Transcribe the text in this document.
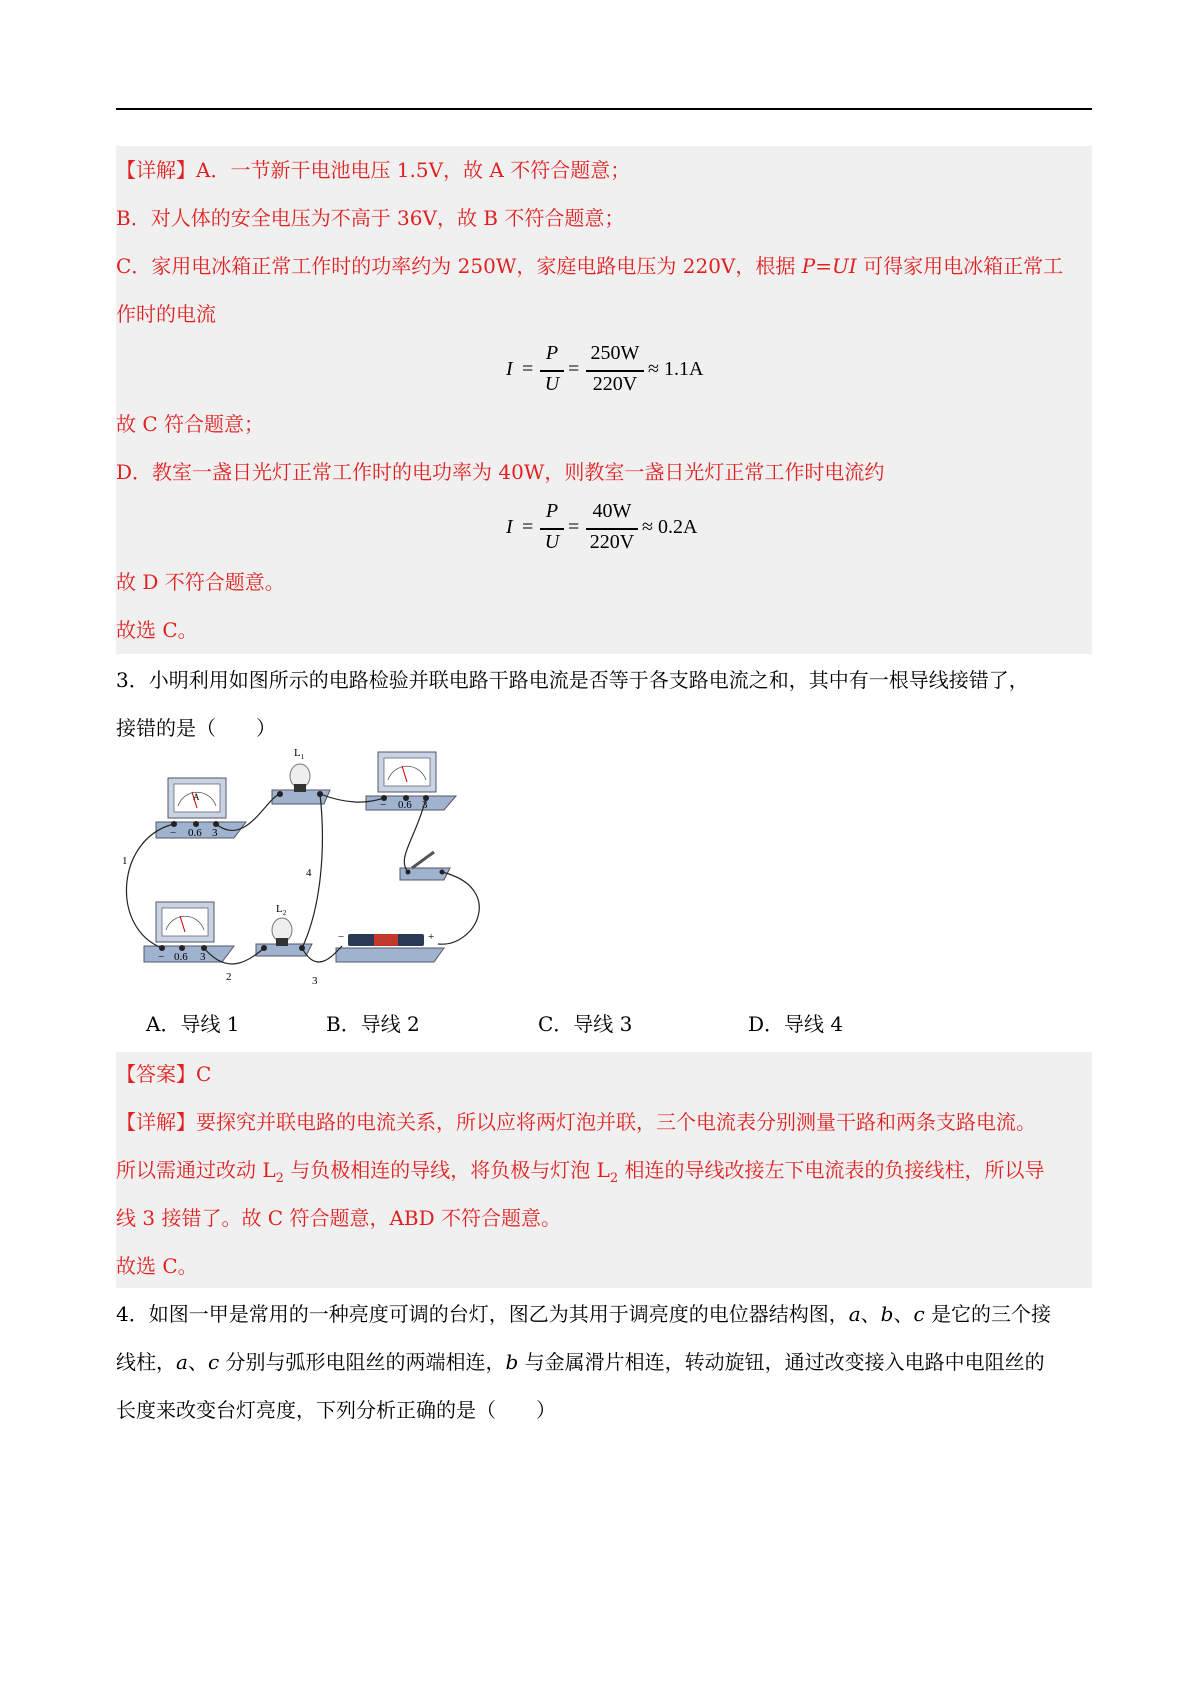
【详解】A．一节新干电池电压 1.5V，故 A 不符合题意；
B．对人体的安全电压为不高于 36V，故 B 不符合题意；
C．家用电冰箱正常工作时的功率约为 250W，家庭电路电压为 220V，根据 P=UI 可得家用电冰箱正常工
作时的电流
I =
P
U
=
250W
220V
≈ 1.1A
故 C 符合题意；
D．教室一盏日光灯正常工作时的电功率为 40W，则教室一盏日光灯正常工作时电流约
I =
P
U
=
40W
220V
≈ 0.2A
故 D 不符合题意。
故选 C。
3．小明利用如图所示的电路检验并联电路干路电流是否等于各支路电流之和，其中有一根导线接错了，
接错的是（　　）
− 0.6 3
A
$L_1$
− 0.6 3
− 0.6 3
$L_2$
−	+
1
2	3
4
A．导线 1	B．导线 2	C．导线 3	D．导线 4
【答案】C
【详解】要探究并联电路的电流关系，所以应将两灯泡并联，三个电流表分别测量干路和两条支路电流。
所以需通过改动 $L_2$ 与负极相连的导线，将负极与灯泡 $L_2$ 相连的导线改接左下电流表的负接线柱，所以导
线 3 接错了。故 C 符合题意，ABD 不符合题意。
故选 C。
4．如图一甲是常用的一种亮度可调的台灯，图乙为其用于调亮度的电位器结构图，a、b、c 是它的三个接
线柱，a、c 分别与弧形电阻丝的两端相连，b 与金属滑片相连，转动旋钮，通过改变接入电路中电阻丝的
长度来改变台灯亮度，下列分析正确的是（　　）
